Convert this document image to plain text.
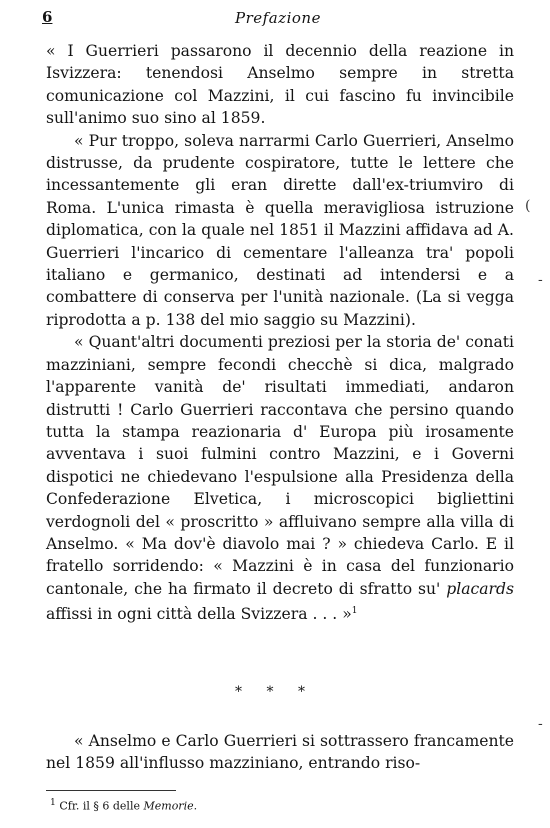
6	Prefazione

« I Guerrieri passarono il decennio della reazione in Isvizzera: tenendosi Anselmo sempre in stretta comunicazione col Mazzini, il cui fascino fu invincibile sull'animo suo sino al 1859.

« Pur troppo, soleva narrarmi Carlo Guerrieri, Anselmo distrusse, da prudente cospiratore, tutte le lettere che incessantemente gli eran dirette dall'ex-triumviro di Roma. L'unica rimasta è quella meravigliosa istruzione diplomatica, con la quale nel 1851 il Mazzini affidava ad A. Guerrieri l'incarico di cementare l'alleanza tra' popoli italiano e germanico, destinati ad intendersi e a combattere di conserva per l'unità nazionale. (La si vegga riprodotta a p. 138 del mio saggio su Mazzini).

« Quant'altri documenti preziosi per la storia de' conati mazziniani, sempre fecondi checchè si dica, malgrado l'apparente vanità de' risultati immediati, andaron distrutti ! Carlo Guerrieri raccontava che persino quando tutta la stampa reazionaria d' Europa più irosamente avventava i suoi fulmini contro Mazzini, e i Governi dispotici ne chiedevano l'espulsione alla Presidenza della Confederazione Elvetica, i microscopici bigliettini verdognoli del « proscritto » affluivano sempre alla villa di Anselmo. « Ma dov'è diavolo mai ? » chiedeva Carlo. E il fratello sorridendo: « Mazzini è in casa del funzionario cantonale, che ha firmato il decreto di sfratto su' placards affissi in ogni città della Svizzera . . . »$^1$

* * *

« Anselmo e Carlo Guerrieri si sottrassero francamente nel 1859 all'influsso mazziniano, entrando riso-

$^1$ Cfr. il § 6 delle Memorie.
(
-
-
